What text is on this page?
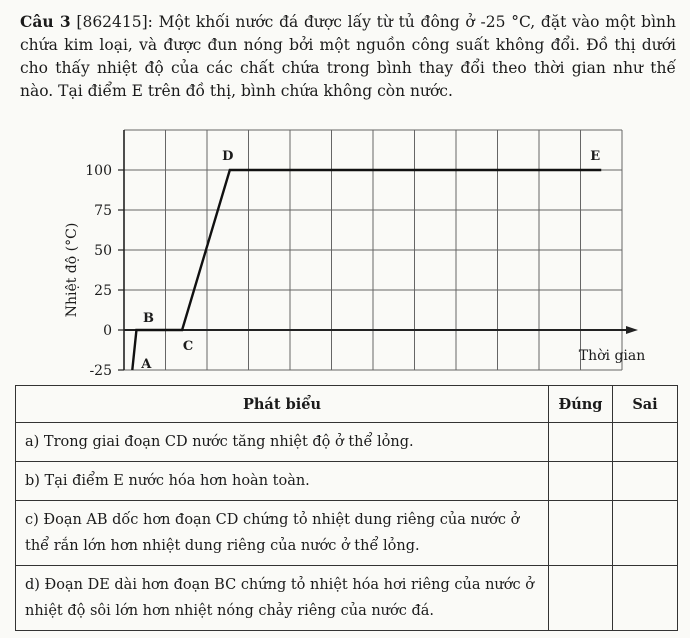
Câu 3 [862415]: Một khối nước đá được lấy từ tủ đông ở -25 °C, đặt vào một bình chứa kim loại, và được đun nóng bởi một nguồn công suất không đổi. Đồ thị dưới cho thấy nhiệt độ của các chất chứa trong bình thay đổi theo thời gian như thế nào. Tại điểm E trên đồ thị, bình chứa không còn nước.
100
75
50
25
0
-25
Nhiệt độ (°C)
Thời gian
A
B
C
D	E
Phát biểu	Đúng	Sai
a) Trong giai đoạn CD nước tăng nhiệt độ ở thể lỏng.		
b) Tại điểm E nước hóa hơn hoàn toàn.		
c) Đoạn AB dốc hơn đoạn CD chứng tỏ nhiệt dung riêng của nước ở thể rắn lớn hơn nhiệt dung riêng của nước ở thể lỏng.		
d) Đoạn DE dài hơn đoạn BC chứng tỏ nhiệt hóa hơi riêng của nước ở nhiệt độ sôi lớn hơn nhiệt nóng chảy riêng của nước đá.		
